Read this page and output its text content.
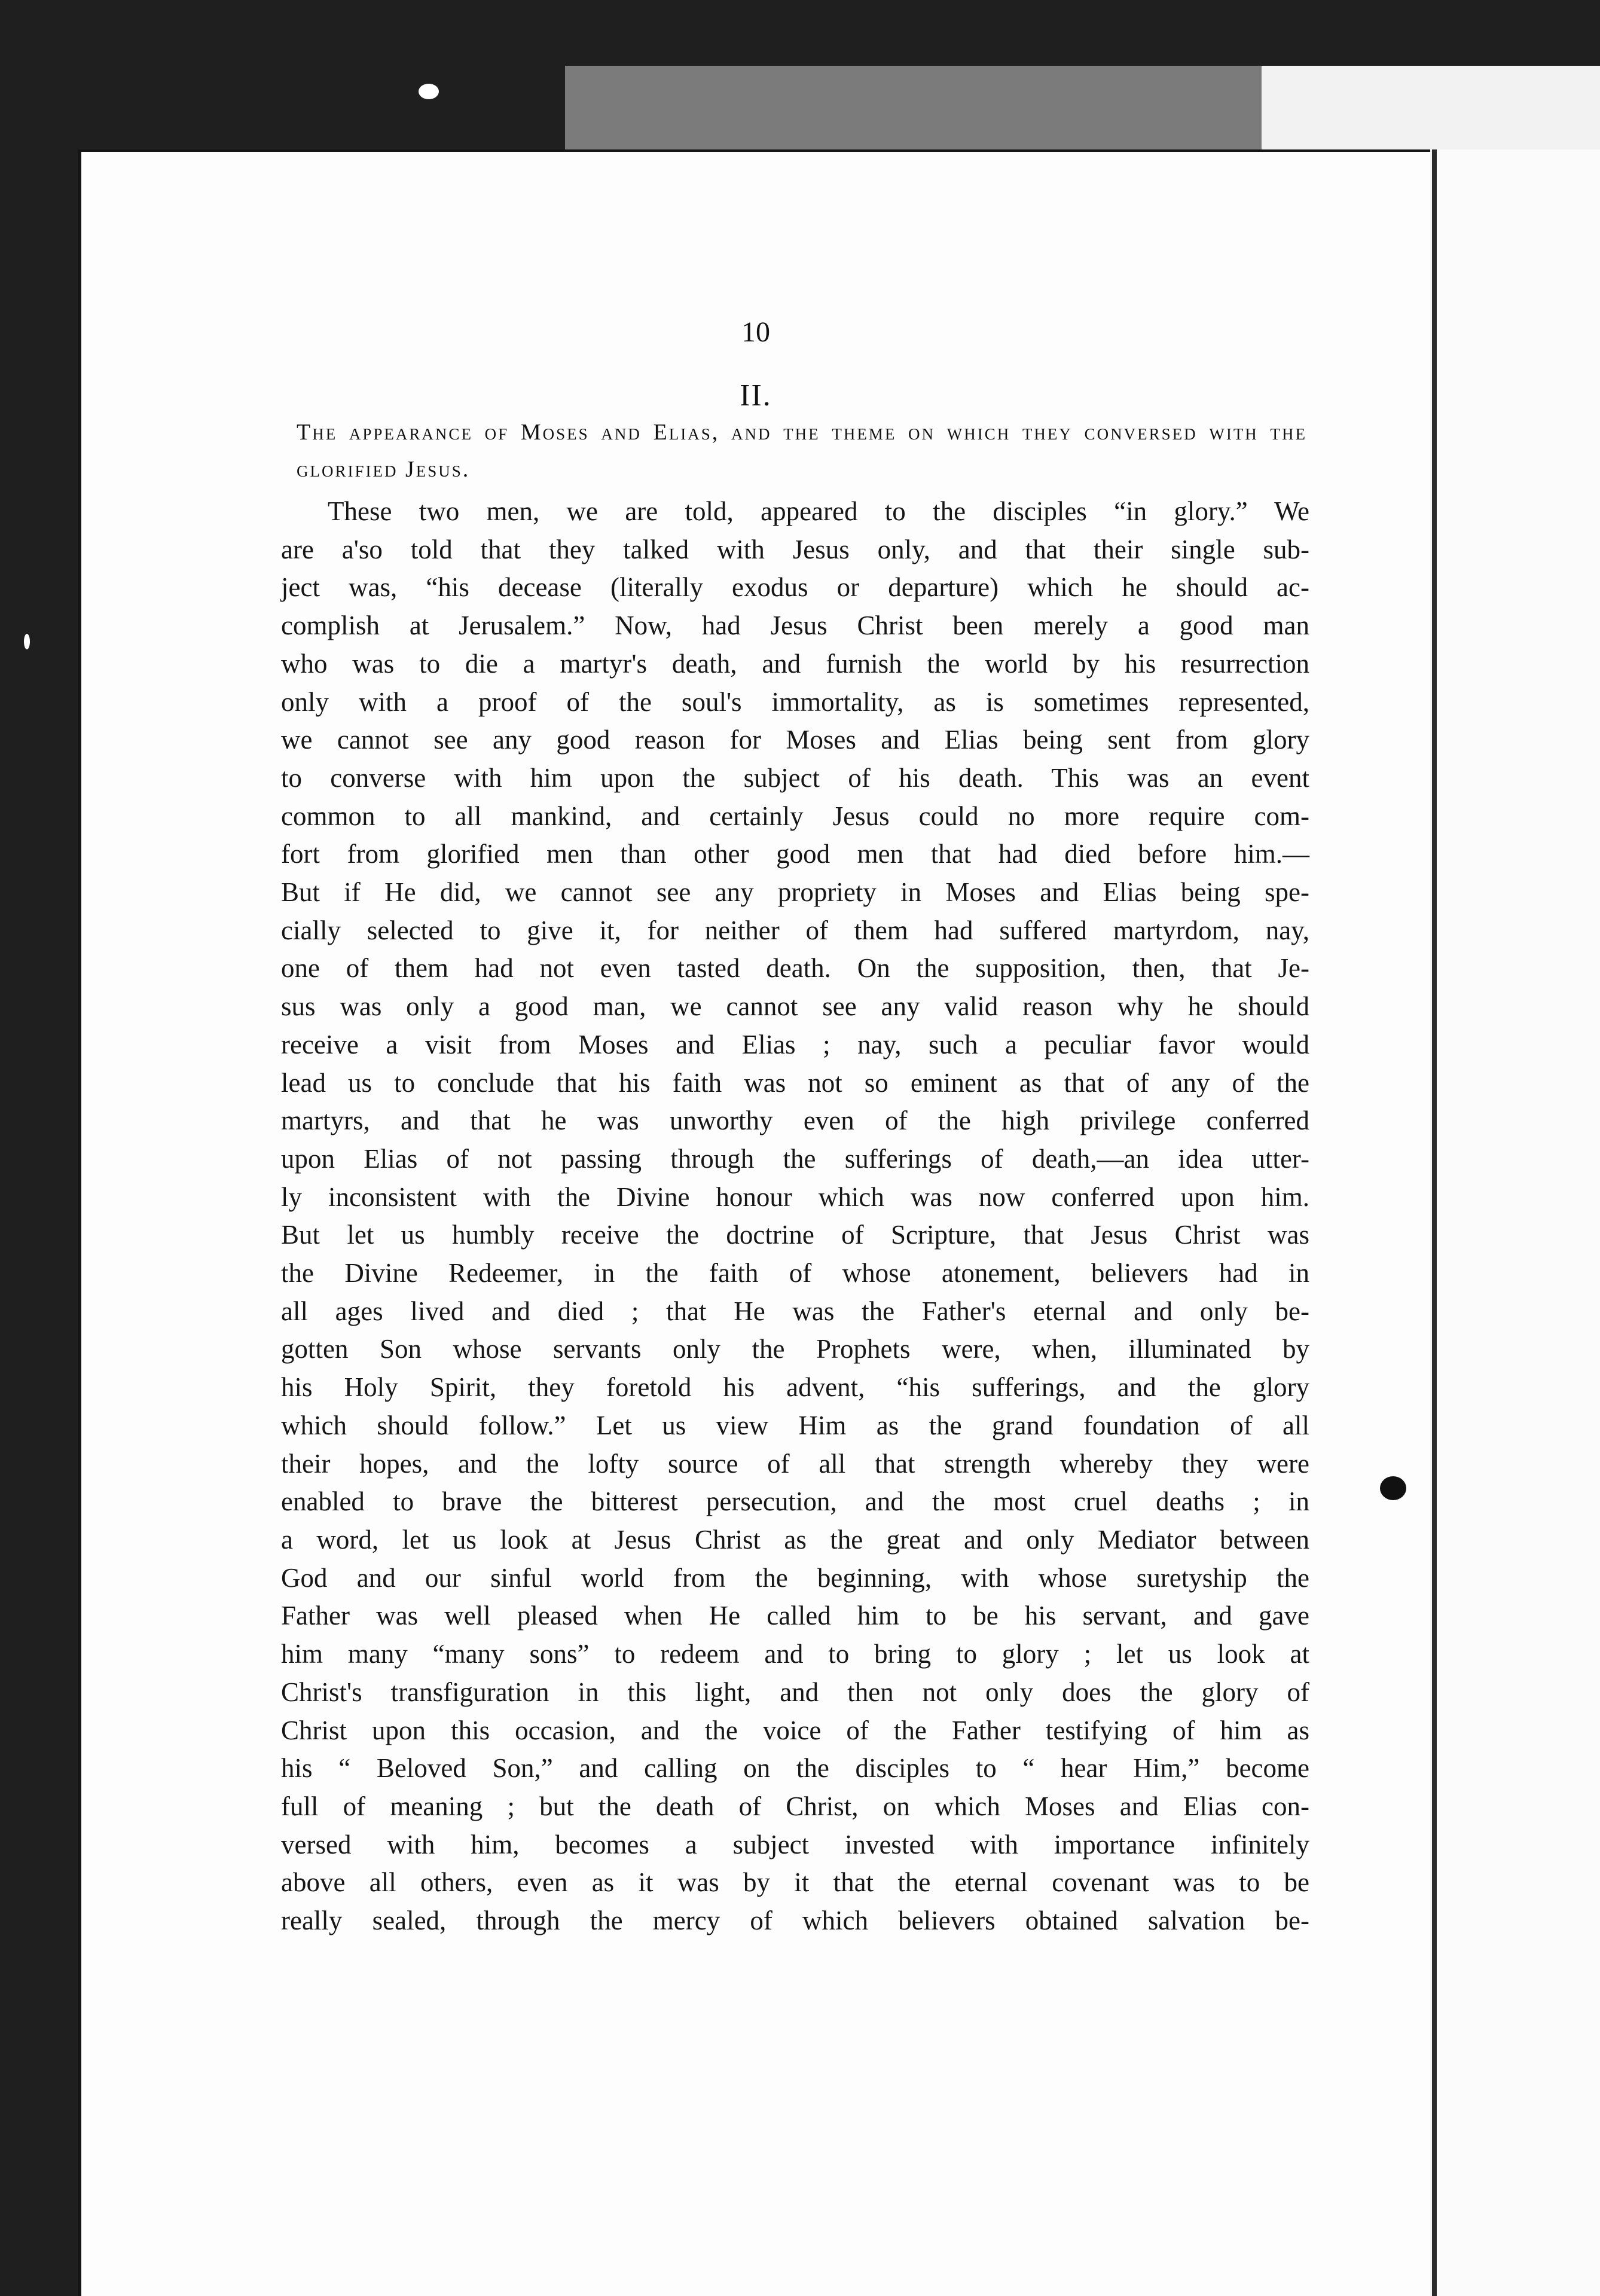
10
II.

The appearance of Moses and Elias, and the theme on which they conversed with the glorified Jesus.

These two men, we are told, appeared to the disciples “in glory.” We
are a'so told that they talked with Jesus only, and that their single sub-
ject was, “his decease (literally exodus or departure) which he should ac-
complish at Jerusalem.” Now, had Jesus Christ been merely a good man
who was to die a martyr's death, and furnish the world by his resurrection
only with a proof of the soul's immortality, as is sometimes represented,
we cannot see any good reason for Moses and Elias being sent from glory
to converse with him upon the subject of his death. This was an event
common to all mankind, and certainly Jesus could no more require com-
fort from glorified men than other good men that had died before him.—
But if He did, we cannot see any propriety in Moses and Elias being spe-
cially selected to give it, for neither of them had suffered martyrdom, nay,
one of them had not even tasted death. On the supposition, then, that Je-
sus was only a good man, we cannot see any valid reason why he should
receive a visit from Moses and Elias ; nay, such a peculiar favor would
lead us to conclude that his faith was not so eminent as that of any of the
martyrs, and that he was unworthy even of the high privilege conferred
upon Elias of not passing through the sufferings of death,—an idea utter-
ly inconsistent with the Divine honour which was now conferred upon him.
But let us humbly receive the doctrine of Scripture, that Jesus Christ was
the Divine Redeemer, in the faith of whose atonement, believers had in
all ages lived and died ; that He was the Father's eternal and only be-
gotten Son whose servants only the Prophets were, when, illuminated by
his Holy Spirit, they foretold his advent, “his sufferings, and the glory
which should follow.” Let us view Him as the grand foundation of all
their hopes, and the lofty source of all that strength whereby they were
enabled to brave the bitterest persecution, and the most cruel deaths ; in
a word, let us look at Jesus Christ as the great and only Mediator between
God and our sinful world from the beginning, with whose suretyship the
Father was well pleased when He called him to be his servant, and gave
him many “many sons” to redeem and to bring to glory ; let us look at
Christ's transfiguration in this light, and then not only does the glory of
Christ upon this occasion, and the voice of the Father testifying of him as
his “ Beloved Son,” and calling on the disciples to “ hear Him,” become
full of meaning ; but the death of Christ, on which Moses and Elias con-
versed with him, becomes a subject invested with importance infinitely
above all others, even as it was by it that the eternal covenant was to be
really sealed, through the mercy of which believers obtained salvation be-
